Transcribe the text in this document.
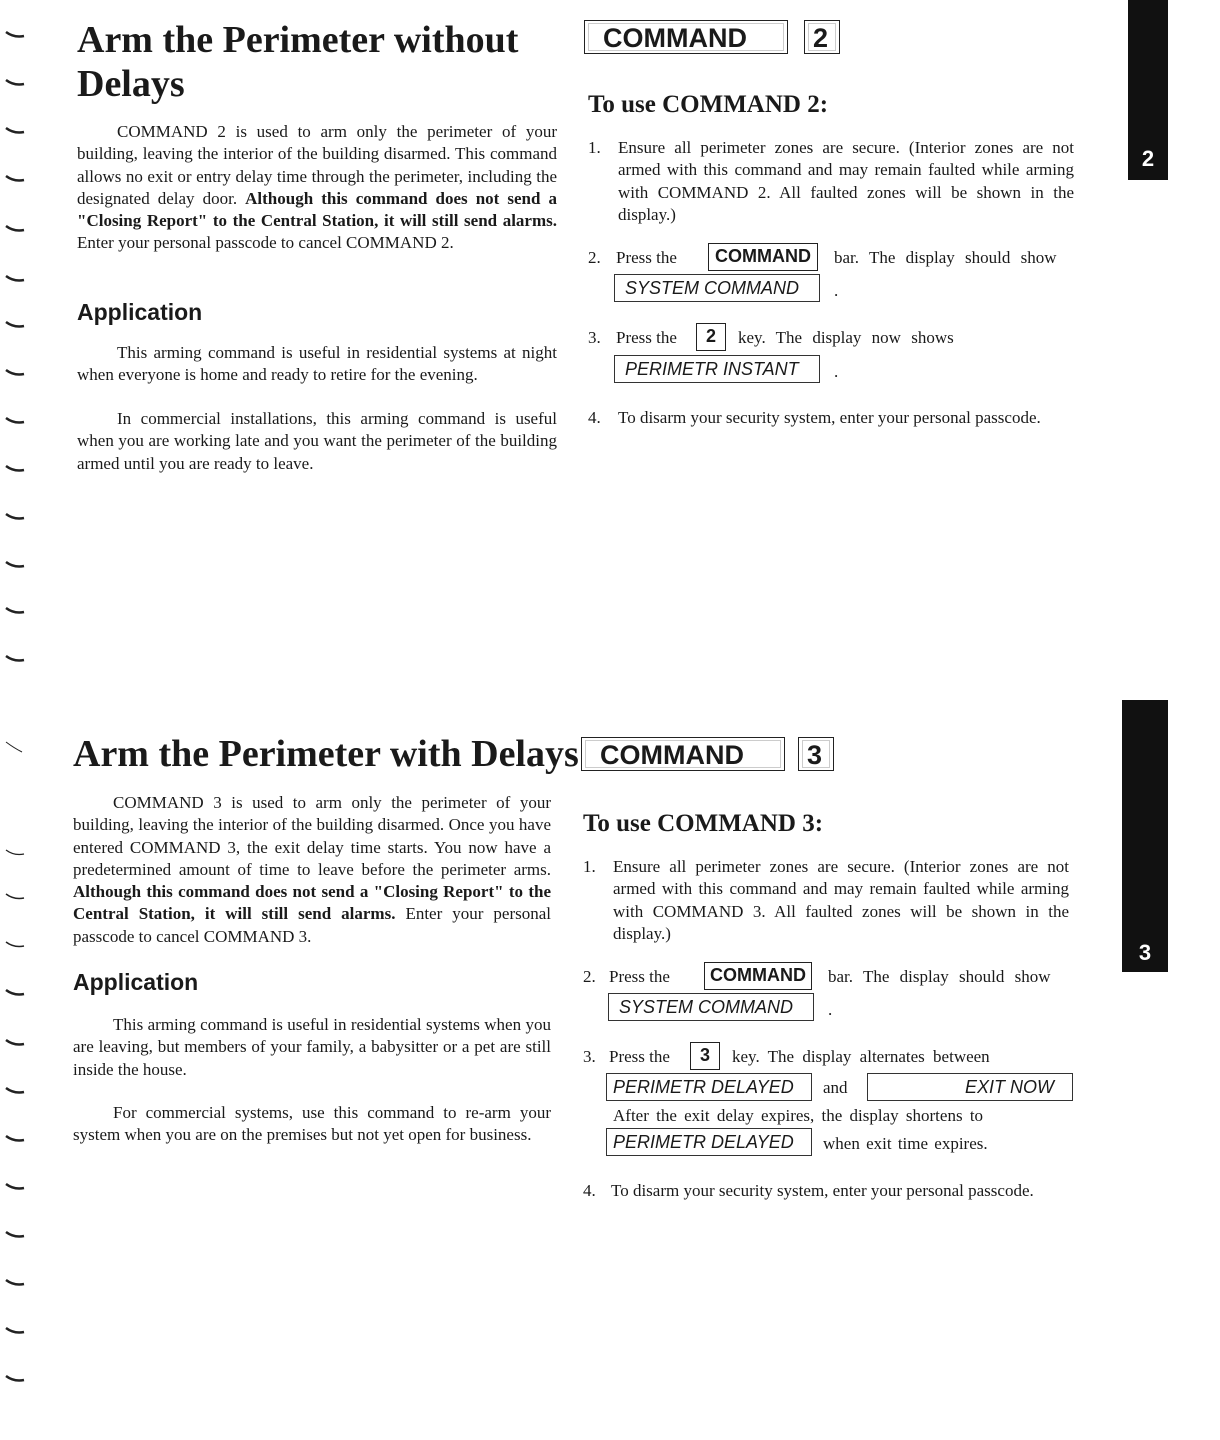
Arm the Perimeter without
Delays

COMMAND 2 is used to arm only the perimeter of your building, leaving the interior of the building disarmed. This command allows no exit or entry delay time through the perimeter, including the designated delay door. Although this command does not send a "Closing Report" to the Central Station, it will still send alarms. Enter your personal passcode to cancel COMMAND 2.

Application

This arming command is useful in residential systems at night when everyone is home and ready to retire for the evening.

In commercial installations, this arming command is useful when you are working late and you want the perimeter of the building armed until you are ready to leave.

COMMAND	2
To use COMMAND 2:
1. Ensure all perimeter zones are secure. (Interior zones are not armed with this command and may remain faulted while arming with COMMAND 2. All faulted zones will be shown in the display.)
2. Press the	COMMAND	bar. The display should show
SYSTEM COMMAND	.
3. Press the	2	key. The display now shows
PERIMETR INSTANT	.
4. To disarm your security system, enter your personal passcode.
2
Arm the Perimeter with Delays

COMMAND 3 is used to arm only the perimeter of your building, leaving the interior of the building disarmed. Once you have entered COMMAND 3, the exit delay time starts. You now have a predetermined amount of time to leave before the perimeter arms. Although this command does not send a "Closing Report" to the Central Station, it will still send alarms. Enter your personal passcode to cancel COMMAND 3.

Application

This arming command is useful in residential systems when you are leaving, but members of your family, a babysitter or a pet are still inside the house.

For commercial systems, use this command to re-arm your system when you are on the premises but not yet open for business.

COMMAND	3
To use COMMAND 3:
1. Ensure all perimeter zones are secure. (Interior zones are not armed with this command and may remain faulted while arming with COMMAND 3. All faulted zones will be shown in the display.)
2. Press the	COMMAND	bar. The display should show
SYSTEM COMMAND	.
3. Press the	3	key. The display alternates between
PERIMETR DELAYED	and	EXIT NOW
After the exit delay expires, the display shortens to
PERIMETR DELAYED	when exit time expires.
4. To disarm your security system, enter your personal passcode.
3
